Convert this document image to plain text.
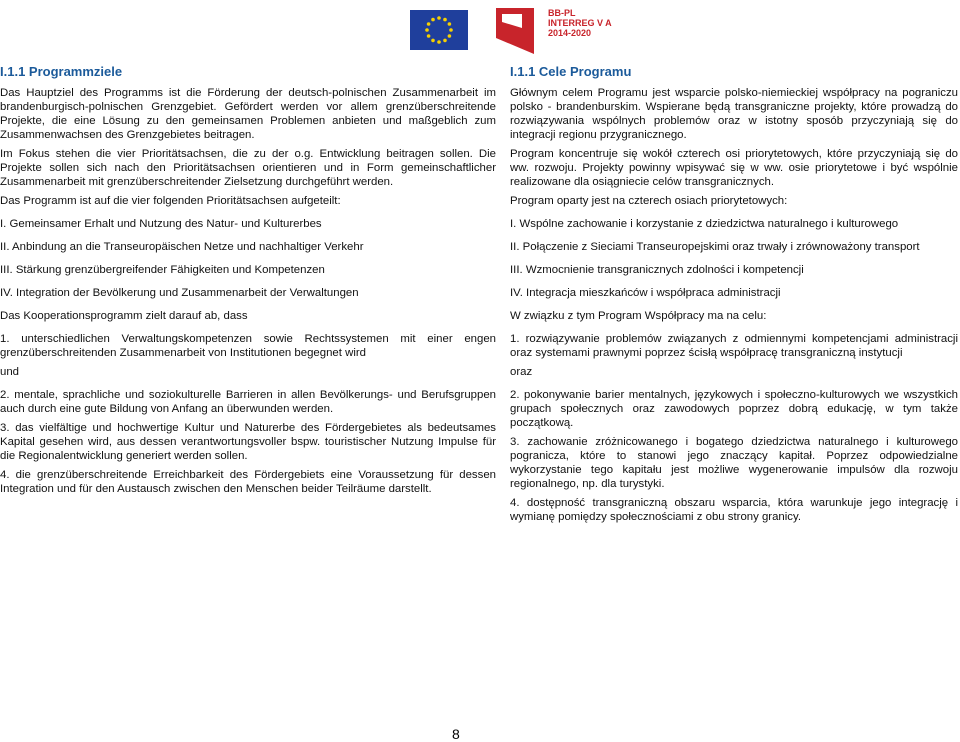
BB-PL
INTERREG V A
2014-2020
I.1.1 Programmziele

Das Hauptziel des Programms ist die Förderung der deutsch-polnischen Zusammenarbeit im brandenburgisch-polnischen Grenzgebiet. Gefördert werden vor allem grenzüberschreitende Projekte, die eine Lösung zu den gemeinsamen Problemen anbieten und maßgeblich zum Zusammenwachsen des Grenzgebietes beitragen.

Im Fokus stehen die vier Prioritätsachsen, die zu der o.g. Entwicklung beitragen sollen. Die Projekte sollen sich nach den Prioritätsachsen orientieren und in Form gemeinschaftlicher Zusammenarbeit mit grenzüberschreitender Zielsetzung durchgeführt werden.

Das Programm ist auf die vier folgenden Prioritätsachsen aufgeteilt:

I. Gemeinsamer Erhalt und Nutzung des Natur- und Kulturerbes

II. Anbindung an die Transeuropäischen Netze und nachhaltiger Verkehr

III. Stärkung grenzübergreifender Fähigkeiten und Kompetenzen

IV. Integration der Bevölkerung und Zusammenarbeit der Verwaltungen

Das Kooperationsprogramm zielt darauf ab, dass

1. unterschiedlichen Verwaltungskompetenzen sowie Rechtssystemen mit einer engen grenzüberschreitenden Zusammenarbeit von Institutionen begegnet wird

und

2. mentale, sprachliche und soziokulturelle Barrieren in allen Bevölkerungs- und Berufsgruppen auch durch eine gute Bildung von Anfang an überwunden werden.

3. das vielfältige und hochwertige Kultur und Naturerbe des Fördergebietes als bedeutsames Kapital gesehen wird, aus dessen verantwortungsvoller bspw. touristischer Nutzung Impulse für die Regionalentwicklung generiert werden sollen.

4. die grenzüberschreitende Erreichbarkeit des Fördergebiets eine Voraussetzung für dessen Integration und für den Austausch zwischen den Menschen beider Teilräume darstellt.

I.1.1 Cele Programu

Głównym celem Programu jest wsparcie polsko-niemieckiej współpracy na pograniczu polsko - brandenburskim. Wspierane będą transgraniczne projekty, które prowadzą do rozwiązywania wspólnych problemów oraz w istotny sposób przyczyniają się do integracji regionu przygranicznego.

Program koncentruje się wokół czterech osi priorytetowych, które przyczyniają się do ww. rozwoju. Projekty powinny wpisywać się w ww. osie priorytetowe i być wspólnie realizowane dla osiągniecie celów transgranicznych.

Program oparty jest na czterech osiach priorytetowych:

I. Wspólne zachowanie i korzystanie z dziedzictwa naturalnego i kulturowego

II. Połączenie z Sieciami Transeuropejskimi oraz trwały i zrównoważony transport

III. Wzmocnienie transgranicznych zdolności i kompetencji

IV. Integracja mieszkańców i współpraca administracji

W związku z tym Program Współpracy ma na celu:

1. rozwiązywanie problemów związanych z odmiennymi kompetencjami administracji oraz systemami prawnymi poprzez ścisłą współpracę transgraniczną instytucji

oraz

2. pokonywanie barier mentalnych, językowych i społeczno-kulturowych we wszystkich grupach społecznych oraz zawodowych poprzez dobrą edukację, w tym także początkową.

3. zachowanie zróżnicowanego i bogatego dziedzictwa naturalnego i kulturowego pogranicza, które to stanowi jego znaczący kapitał. Poprzez odpowiedzialne wykorzystanie tego kapitału jest możliwe wygenerowanie impulsów dla rozwoju regionalnego, np. dla turystyki.

4. dostępność transgraniczną obszaru wsparcia, która warunkuje jego integrację i wymianę pomiędzy społecznościami z obu strony granicy.

8
